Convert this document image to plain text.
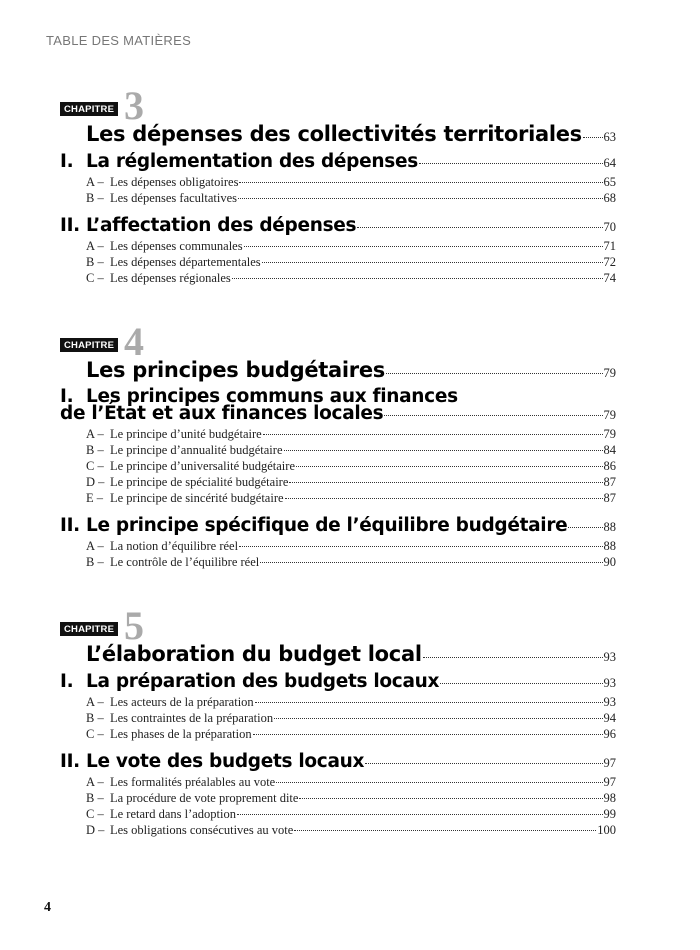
TABLE DES MATIÈRES
CHAPITRE 3
Les dépenses des collectivités territoriales 63
I. La réglementation des dépenses	64
A – Les dépenses obligatoires	65
B – Les dépenses facultatives	68
II. L’affectation des dépenses	70
A – Les dépenses communales	71
B – Les dépenses départementales	72
C – Les dépenses régionales	74
CHAPITRE 4
Les principes budgétaires	79
I. Les principes communs aux finances
de l’État et aux finances locales	79
A – Le principe d’unité budgétaire	79
B – Le principe d’annualité budgétaire	84
C – Le principe d’universalité budgétaire	86
D – Le principe de spécialité budgétaire	87
E – Le principe de sincérité budgétaire	87
II. Le principe spécifique de l’équilibre budgétaire	88
A – La notion d’équilibre réel	88
B – Le contrôle de l’équilibre réel	90
CHAPITRE 5
L’élaboration du budget local	93
I. La préparation des budgets locaux	93
A – Les acteurs de la préparation	93
B – Les contraintes de la préparation	94
C – Les phases de la préparation	96
II. Le vote des budgets locaux	97
A – Les formalités préalables au vote	97
B – La procédure de vote proprement dite	98
C – Le retard dans l’adoption	99
D – Les obligations consécutives au vote	100
4
